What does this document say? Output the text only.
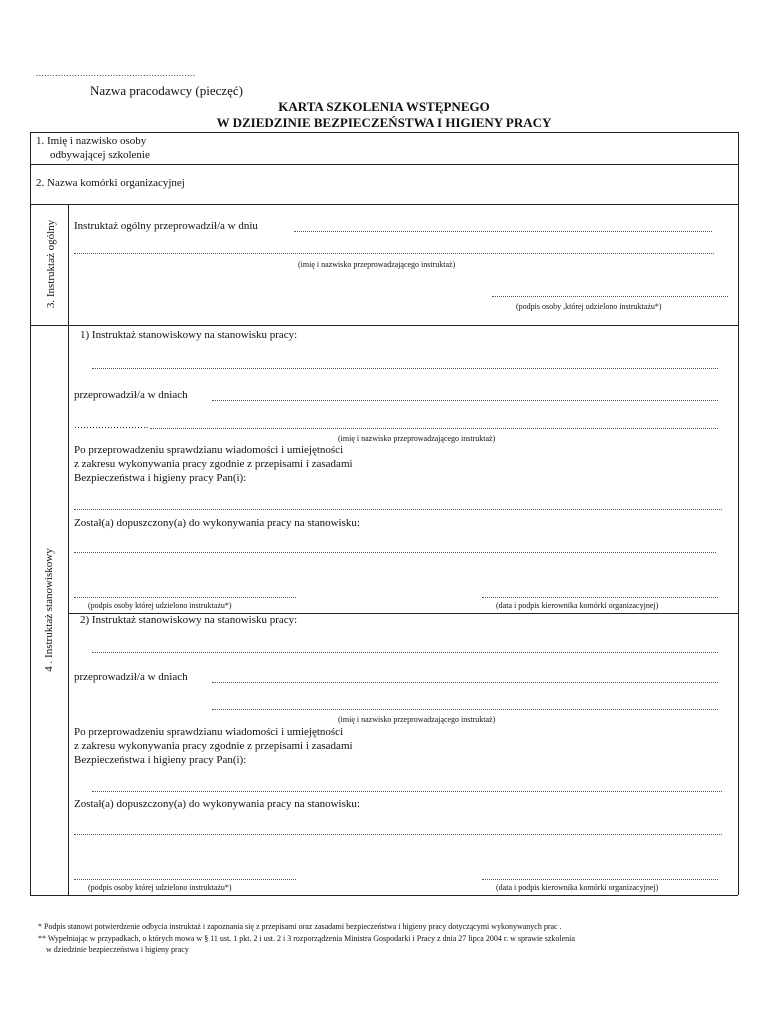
..........................................................
Nazwa pracodawcy (pieczęć)
KARTA SZKOLENIA WSTĘPNEGO
W DZIEDZINIE BEZPIECZEŃSTWA I HIGIENY PRACY
1. Imię i nazwisko osoby
odbywającej szkolenie
2. Nazwa komórki organizacyjnej
3. Instruktaż ogólny Instruktaż ogólny przeprowadził/a w dniu
(imię i nazwisko przeprowadzającego instruktaż)
(podpis osoby ,której udzielono instruktażu*)
4 . Instruktaż stanowiskowy
1) Instruktaż stanowiskowy na stanowisku pracy:
przeprowadził/a w dniach
…………………….
(imię i nazwisko przeprowadzającego instruktaż)
Po przeprowadzeniu sprawdzianu wiadomości i umiejętności
z zakresu wykonywania pracy zgodnie z przepisami i zasadami
Bezpieczeństwa i higieny pracy Pan(i):
Został(a) dopuszczony(a) do wykonywania pracy na stanowisku:
(podpis osoby której udzielono instruktażu*)	(data i podpis kierownika komórki organizacyjnej)
2) Instruktaż stanowiskowy na stanowisku pracy:
przeprowadził/a w dniach
(imię i nazwisko przeprowadzającego instruktaż)
Po przeprowadzeniu sprawdzianu wiadomości i umiejętności
z zakresu wykonywania pracy zgodnie z przepisami i zasadami
Bezpieczeństwa i higieny pracy Pan(i):
Został(a) dopuszczony(a) do wykonywania pracy na stanowisku:
(podpis osoby której udzielono instruktażu*)	(data i podpis kierownika komórki organizacyjnej)
* Podpis stanowi potwierdzenie odbycia instruktaż i zapoznania się z przepisami oraz zasadami bezpieczeństwa i higieny pracy dotyczącymi wykonywanych prac .
** Wypełniając w przypadkach, o których mowa w § 11 ust. 1 pkt. 2 i ust. 2 i 3 rozporządzenia Ministra Gospodarki i Pracy z dnia 27 lipca 2004 r. w sprawie szkolenia
w dziedzinie bezpieczeństwa i higieny pracy
